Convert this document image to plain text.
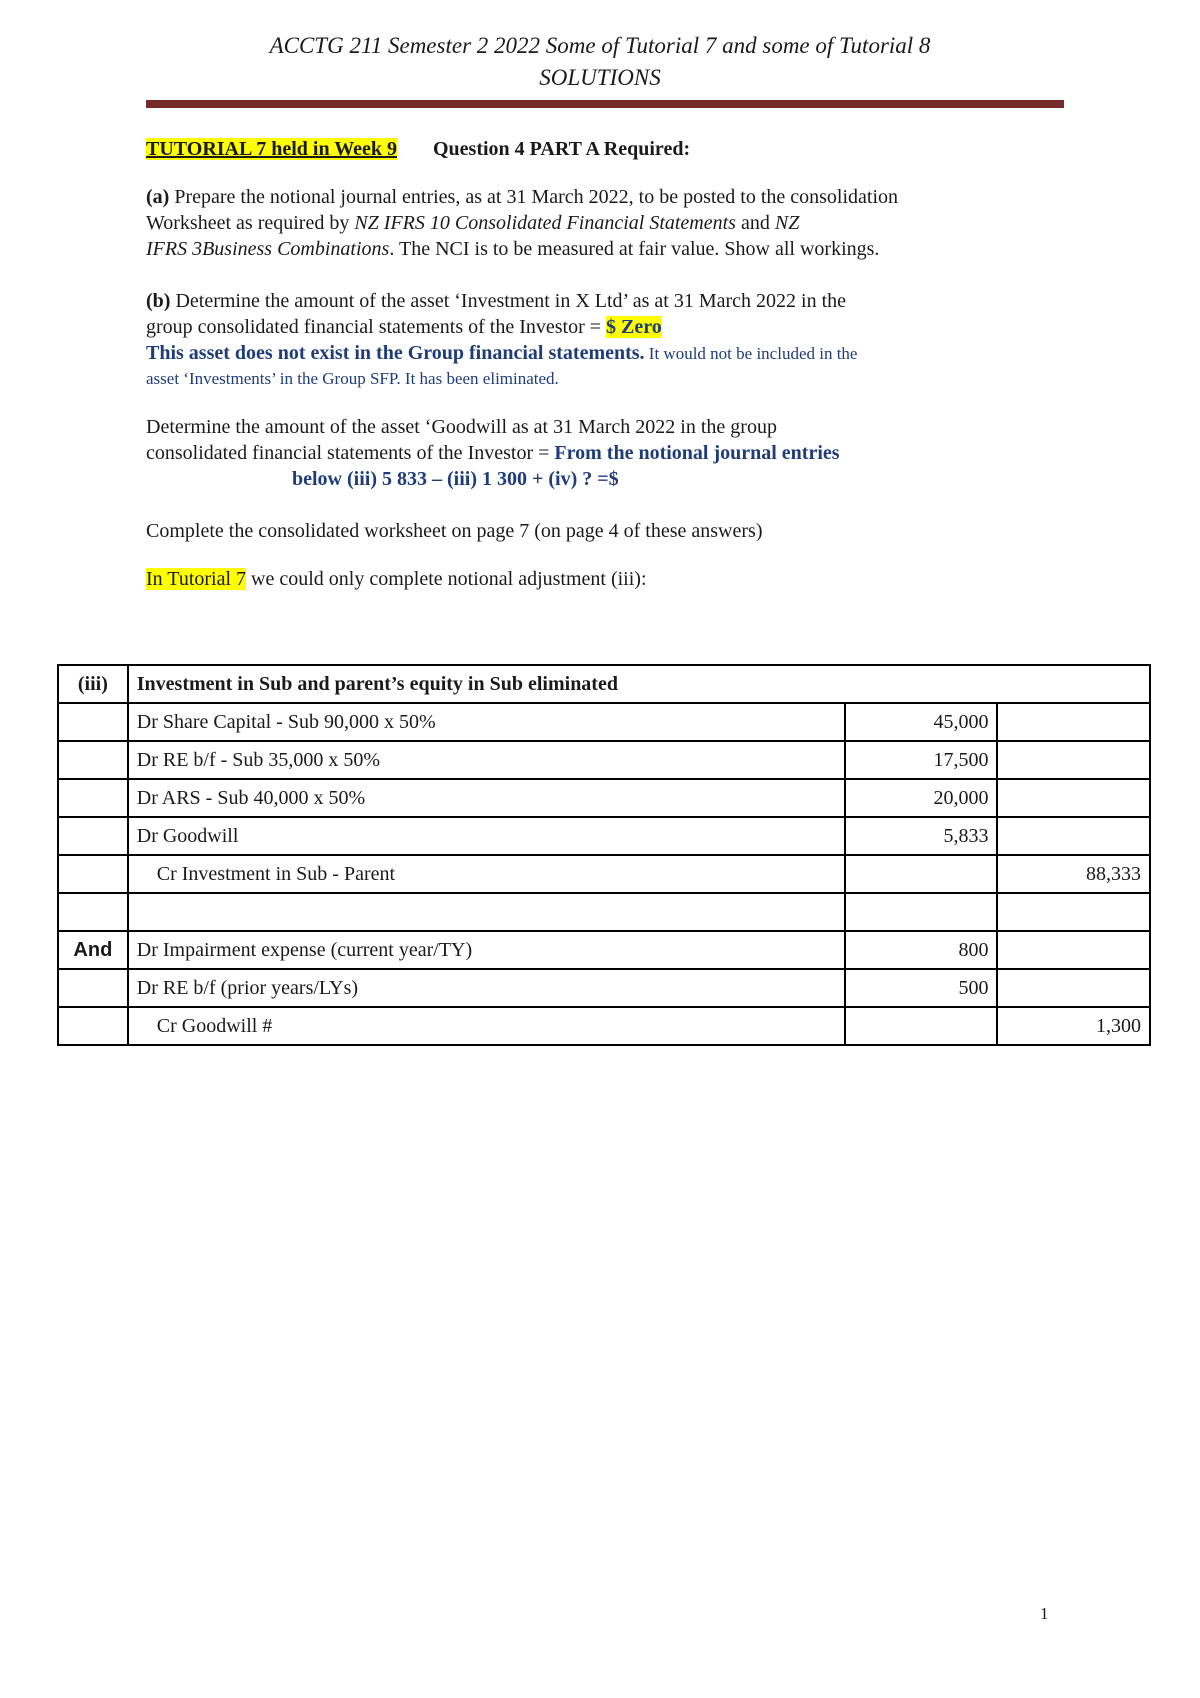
ACCTG 211 Semester 2 2022 Some of Tutorial 7 and some of Tutorial 8
SOLUTIONS
TUTORIAL 7 held in Week 9 Question 4 PART A Required:
(a) Prepare the notional journal entries, as at 31 March 2022, to be posted to the consolidation
Worksheet as required by NZ IFRS 10 Consolidated Financial Statements and NZ
IFRS 3Business Combinations. The NCI is to be measured at fair value. Show all workings.
(b) Determine the amount of the asset ‘Investment in X Ltd’ as at 31 March 2022 in the
group consolidated financial statements of the Investor = $ Zero
This asset does not exist in the Group financial statements. It would not be included in the
asset ‘Investments’ in the Group SFP. It has been eliminated.
Determine the amount of the asset ‘Goodwill as at 31 March 2022 in the group
consolidated financial statements of the Investor = From the notional journal entries
below (iii) 5 833 – (iii) 1 300 + (iv) ? =$
Complete the consolidated worksheet on page 7 (on page 4 of these answers)
In Tutorial 7 we could only complete notional adjustment (iii):
(iii)	Investment in Sub and parent’s equity in Sub eliminated		
	Dr Share Capital - Sub 90,000 x 50%	45,000	
	Dr RE b/f - Sub 35,000 x 50%	17,500	
	Dr ARS - Sub 40,000 x 50%	20,000	
	Dr Goodwill	5,833	
	Cr Investment in Sub - Parent		88,333

And	Dr Impairment expense (current year/TY)	800	
	Dr RE b/f (prior years/LYs)	500	
	Cr Goodwill #		1,300
1
